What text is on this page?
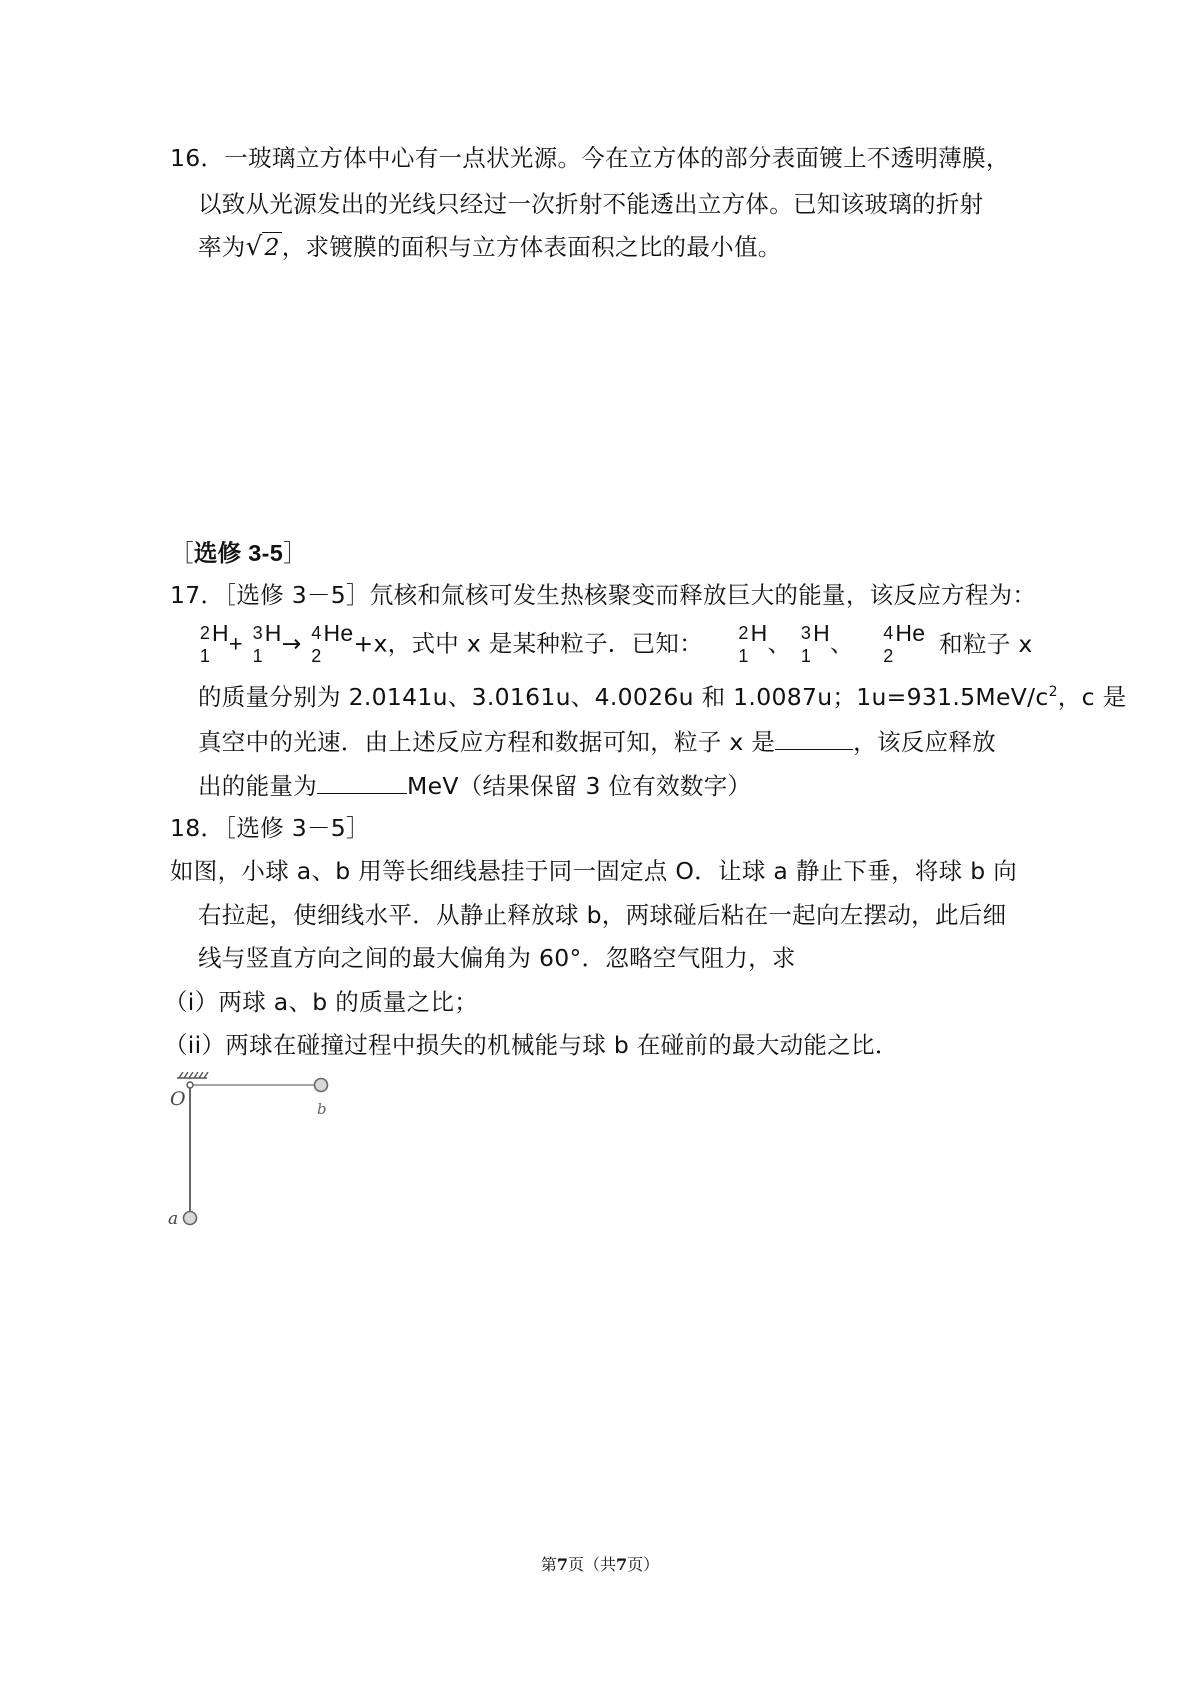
16．一玻璃立方体中心有一点状光源。今在立方体的部分表面镀上不透明薄膜，
以致从光源发出的光线只经过一次折射不能透出立方体。已知该玻璃的折射
率为√2，求镀膜的面积与立方体表面积之比的最小值。
［选修 3-5］
17．［选修 3－5］氘核和氚核可发生热核聚变而释放巨大的能量，该反应方程为：
2
1
H+ 3
1
H→ 4
2
He+x，式中 x 是某种粒子．已知： 2
1
H、 3
1
H、 4
2
He 和粒子 x
的质量分别为 2.0141u、3.0161u、4.0026u 和 1.0087u；$1u=931.5MeV/c^2$，c 是
真空中的光速．由上述反应方程和数据可知，粒子 x 是	，该反应释放
出的能量为	MeV（结果保留 3 位有效数字）
18．［选修 3－5］
如图，小球 a、b 用等长细线悬挂于同一固定点 O．让球 a 静止下垂，将球 b 向
右拉起，使细线水平．从静止释放球 b，两球碰后粘在一起向左摆动，此后细
线与竖直方向之间的最大偏角为 60°．忽略空气阻力，求
（i）两球 a、b 的质量之比；
（ii）两球在碰撞过程中损失的机械能与球 b 在碰前的最大动能之比．
O	b
a
第7页（共7页）
